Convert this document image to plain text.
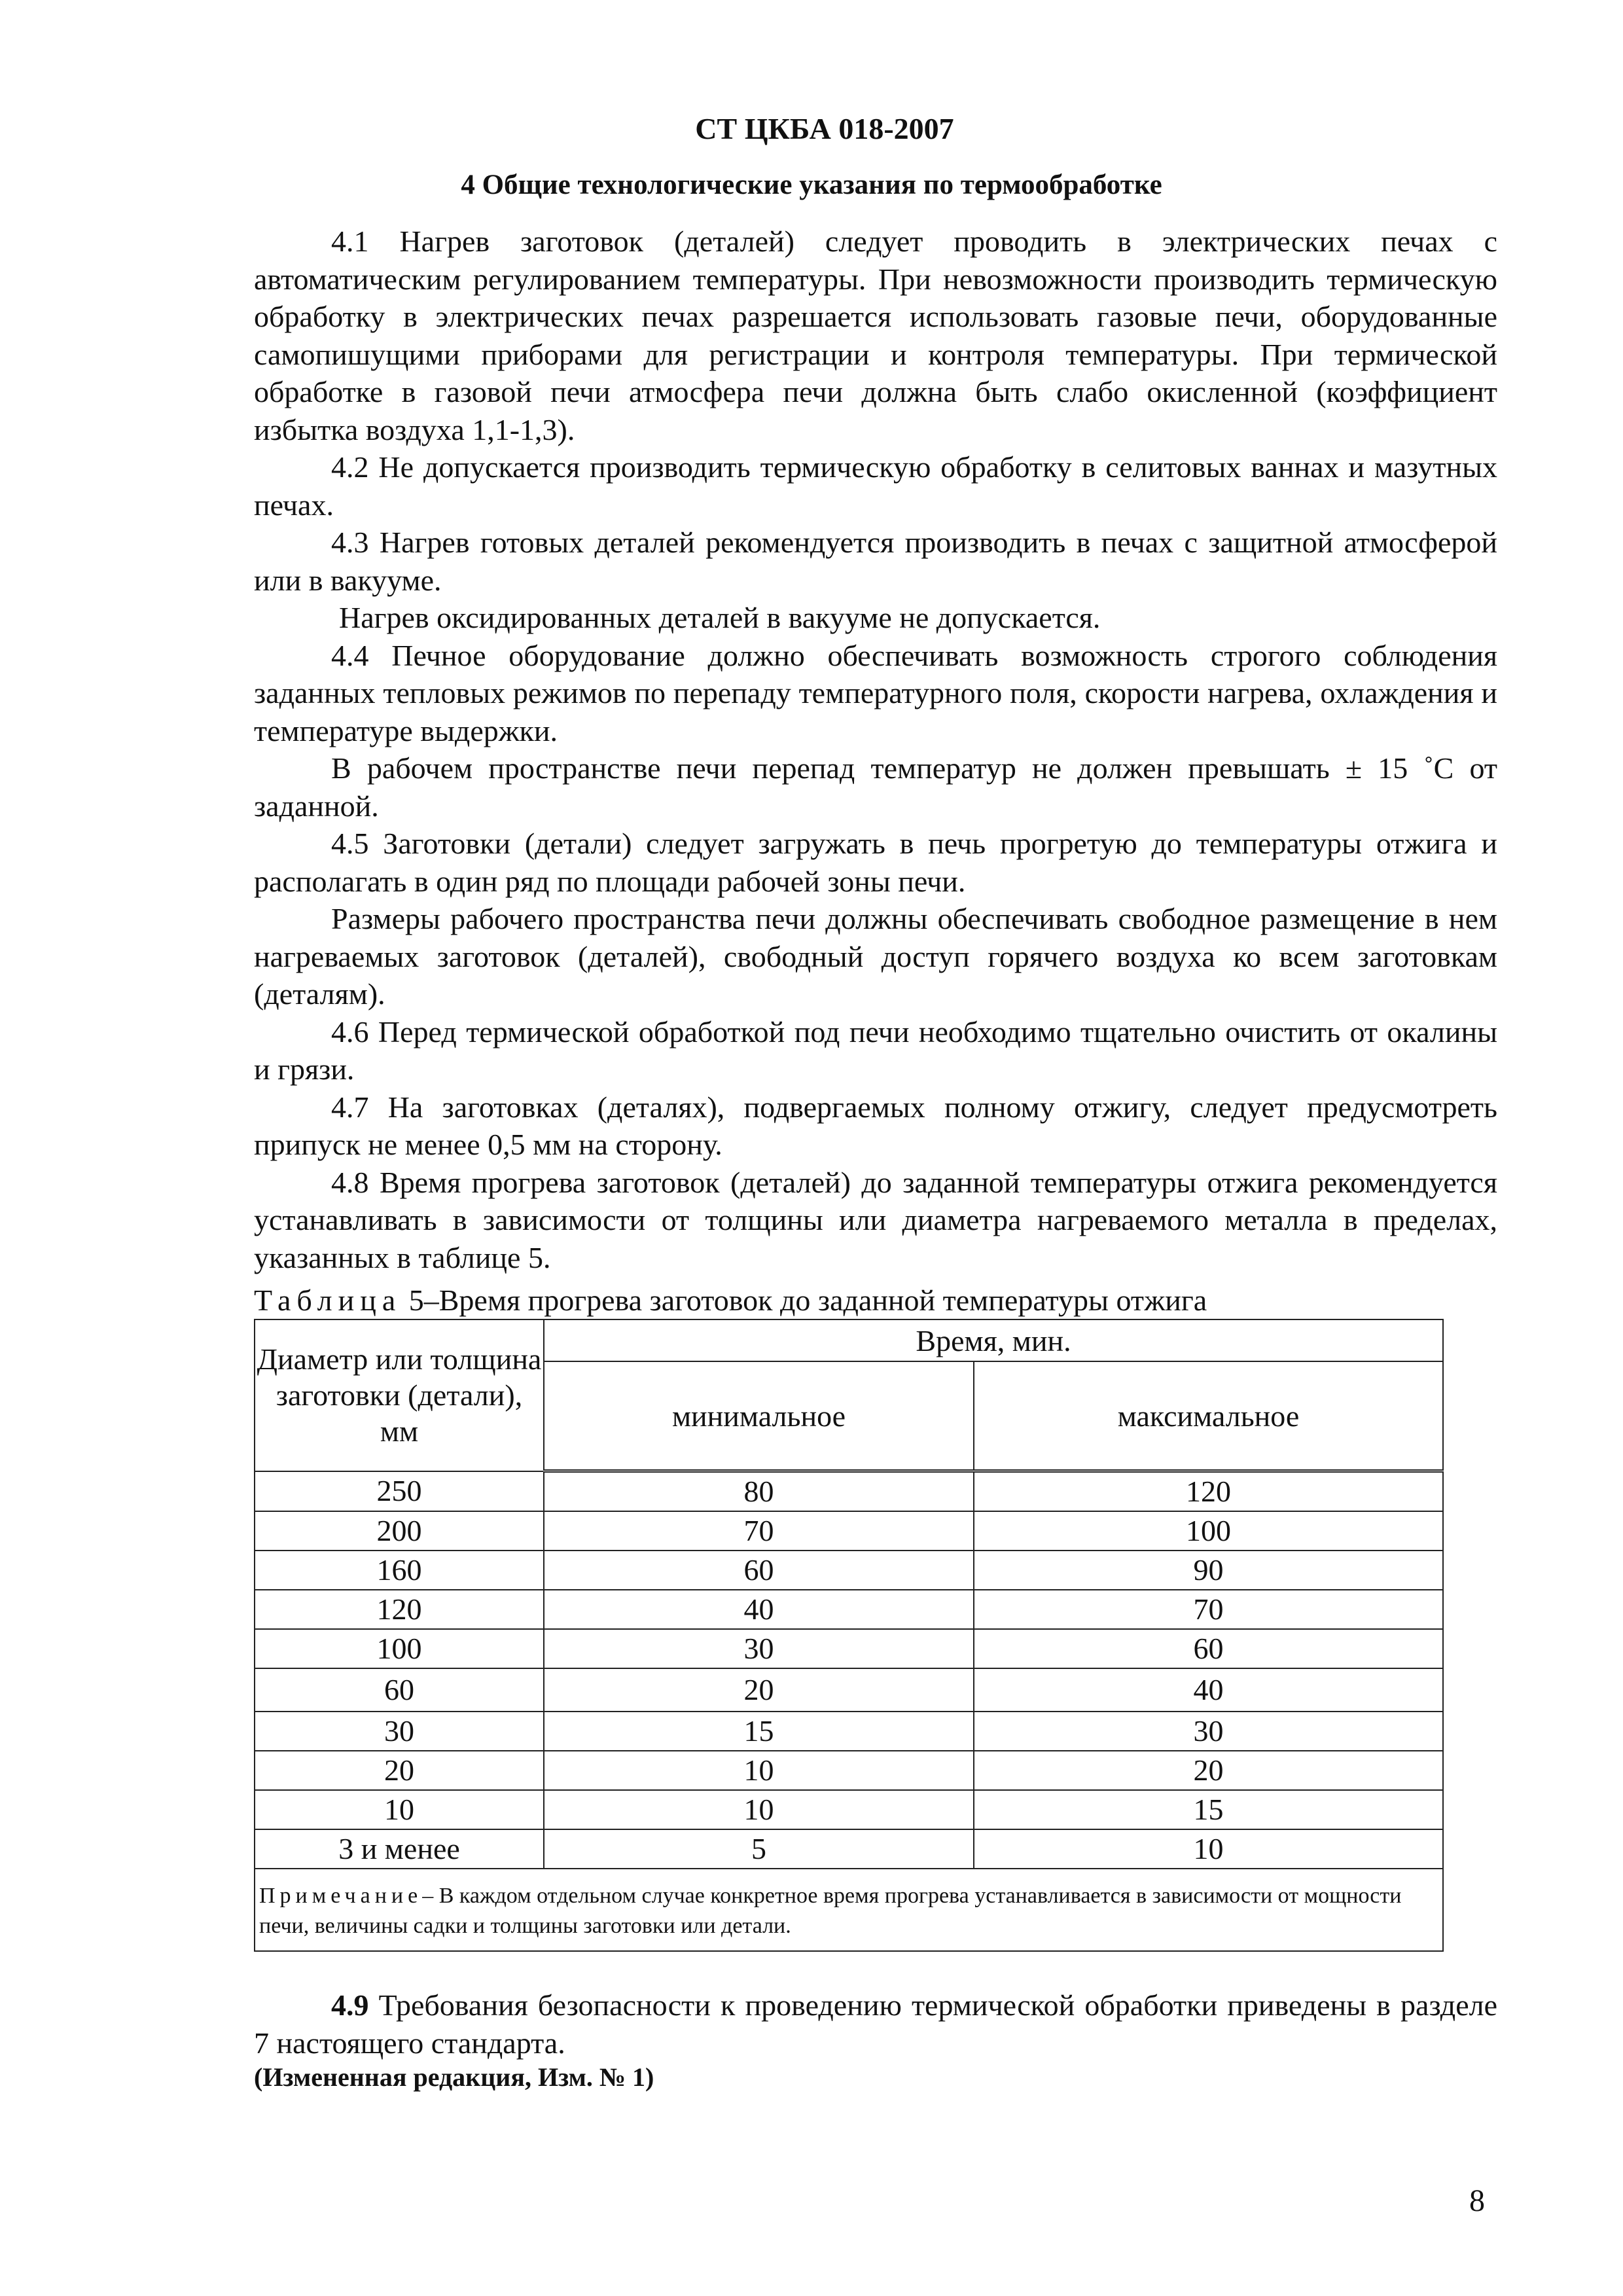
СТ ЦКБА 018-2007
4 Общие технологические указания по термообработке

4.1 Нагрев заготовок (деталей) следует проводить в электрических печах с автоматическим регулированием температуры. При невозможности производить термическую обработку в электрических печах разрешается использовать газовые печи, оборудованные самопишущими приборами для регистрации и контроля температуры. При термической обработке в газовой печи атмосфера печи должна быть слабо окисленной (коэффициент избытка воздуха 1,1-1,3).

4.2 Не допускается производить термическую обработку в селитовых ваннах и мазутных печах.

4.3 Нагрев готовых деталей рекомендуется производить в печах с защитной атмосферой или в вакууме.

Нагрев оксидированных деталей в вакууме не допускается.

4.4 Печное оборудование должно обеспечивать возможность строгого соблюдения заданных тепловых режимов по перепаду температурного поля, скорости нагрева, охлаждения и температуре выдержки.

В рабочем пространстве печи перепад температур не должен превышать ± 15 ˚С от заданной.

4.5 Заготовки (детали) следует загружать в печь прогретую до температуры отжига и располагать в один ряд по площади рабочей зоны печи.

Размеры рабочего пространства печи должны обеспечивать свободное размещение в нем нагреваемых заготовок (деталей), свободный доступ горячего воздуха ко всем заготовкам (деталям).

4.6 Перед термической обработкой под печи необходимо тщательно очистить от окалины и грязи.

4.7 На заготовках (деталях), подвергаемых полному отжигу, следует предусмотреть припуск не менее 0,5 мм на сторону.

4.8 Время прогрева заготовок (деталей) до заданной температуры отжига рекомендуется устанавливать в зависимости от толщины или диаметра нагреваемого металла в пределах, указанных в таблице 5.

Таблица 5–Время прогрева заготовок до заданной температуры отжига
Диаметр или толщина заготовки (детали), мм	Время, мин.	
	минимальное	максимальное
250	80	120
200	70	100
160	60	90
120	40	70
100	30	60
60	20	40
30	15	30
20	10	20
10	10	15
3 и менее	5	10
Примечание– В каждом отдельном случае конкретное время прогрева устанавливается в зависимости от мощности печи, величины садки и толщины заготовки или детали.		

4.9 Требования безопасности к проведению термической обработки приведены в разделе 7 настоящего стандарта.

(Измененная редакция, Изм. № 1)
8
